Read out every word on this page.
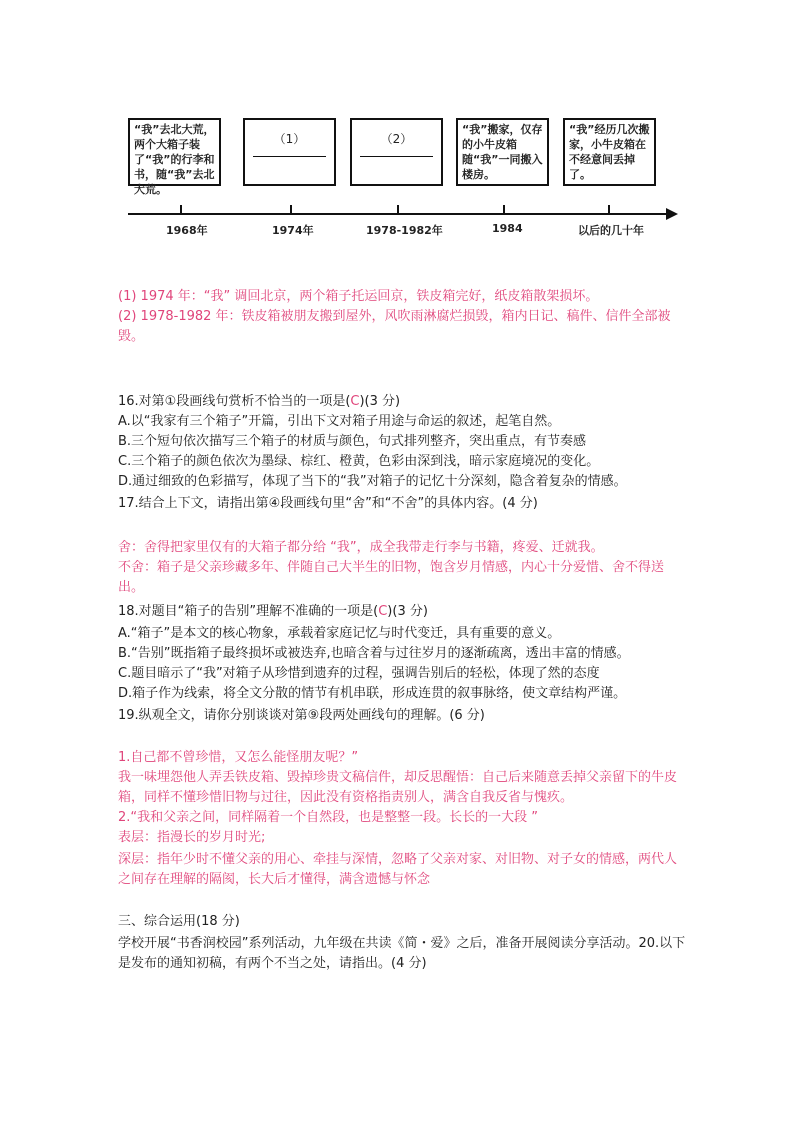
“我”去北大荒，两个大箱子装了“我”的行李和书，随“我”去北大荒。
（1）	（2）
“我”搬家，仅存的小牛皮箱随“我”一同搬入楼房。
“我”经历几次搬家，小牛皮箱在不经意间丢掉了。
1968年	1974年	1978-1982年	1984	以后的几十年
(1) 1974 年：“我” 调回北京，两个箱子托运回京，铁皮箱完好，纸皮箱散架损坏。
(2) 1978-1982 年：铁皮箱被朋友搬到屋外，风吹雨淋腐烂损毁，箱内日记、稿件、信件全部被毁。
16.对第①段画线句赏析不恰当的一项是(C)(3 分)
A.以“我家有三个箱子”开篇，引出下文对箱子用途与命运的叙述，起笔自然。
B.三个短句依次描写三个箱子的材质与颜色，句式排列整齐，突出重点，有节奏感
C.三个箱子的颜色依次为墨绿、棕红、橙黄，色彩由深到浅，暗示家庭境况的变化。
D.通过细致的色彩描写，体现了当下的“我”对箱子的记忆十分深刻，隐含着复杂的情感。
17.结合上下文，请指出第④段画线句里“舍”和“不舍”的具体内容。(4 分)
舍：舍得把家里仅有的大箱子都分给 “我”，成全我带走行李与书籍，疼爱、迁就我。
不舍：箱子是父亲珍藏多年、伴随自己大半生的旧物，饱含岁月情感，内心十分爱惜、舍不得送出。
18.对题目“箱子的告别”理解不准确的一项是(C)(3 分)
A.“箱子”是本文的核心物象，承载着家庭记忆与时代变迁，具有重要的意义。
B.“告别”既指箱子最终损坏或被迭弃,也暗含着与过往岁月的逐渐疏离，透出丰富的情感。
C.题目暗示了“我”对箱子从珍惜到遗弃的过程，强调告别后的轻松，体现了然的态度
D.箱子作为线索，将全文分散的情节有机串联，形成连贯的叙事脉络，使文章结构严谨。
19.纵观全文，请你分别谈谈对第⑨段两处画线句的理解。(6 分)
1.自己都不曾珍惜，又怎么能怪朋友呢？”
我一味埋怨他人弄丢铁皮箱、毁掉珍贵文稿信件，却反思醒悟：自己后来随意丢掉父亲留下的牛皮箱，同样不懂珍惜旧物与过往，因此没有资格指责别人，满含自我反省与愧疚。
2.“我和父亲之间，同样隔着一个自然段，也是整整一段。长长的一大段 ”
表层：指漫长的岁月时光;
深层：指年少时不懂父亲的用心、牵挂与深情，忽略了父亲对家、对旧物、对子女的情感，两代人之间存在理解的隔阂，长大后才懂得，满含遗憾与怀念
三、综合运用(18 分)
学校开展“书香润校园”系列活动，九年级在共读《简・爱》之后，准备开展阅读分享活动。20.以下是发布的通知初稿，有两个不当之处，请指出。(4 分)
